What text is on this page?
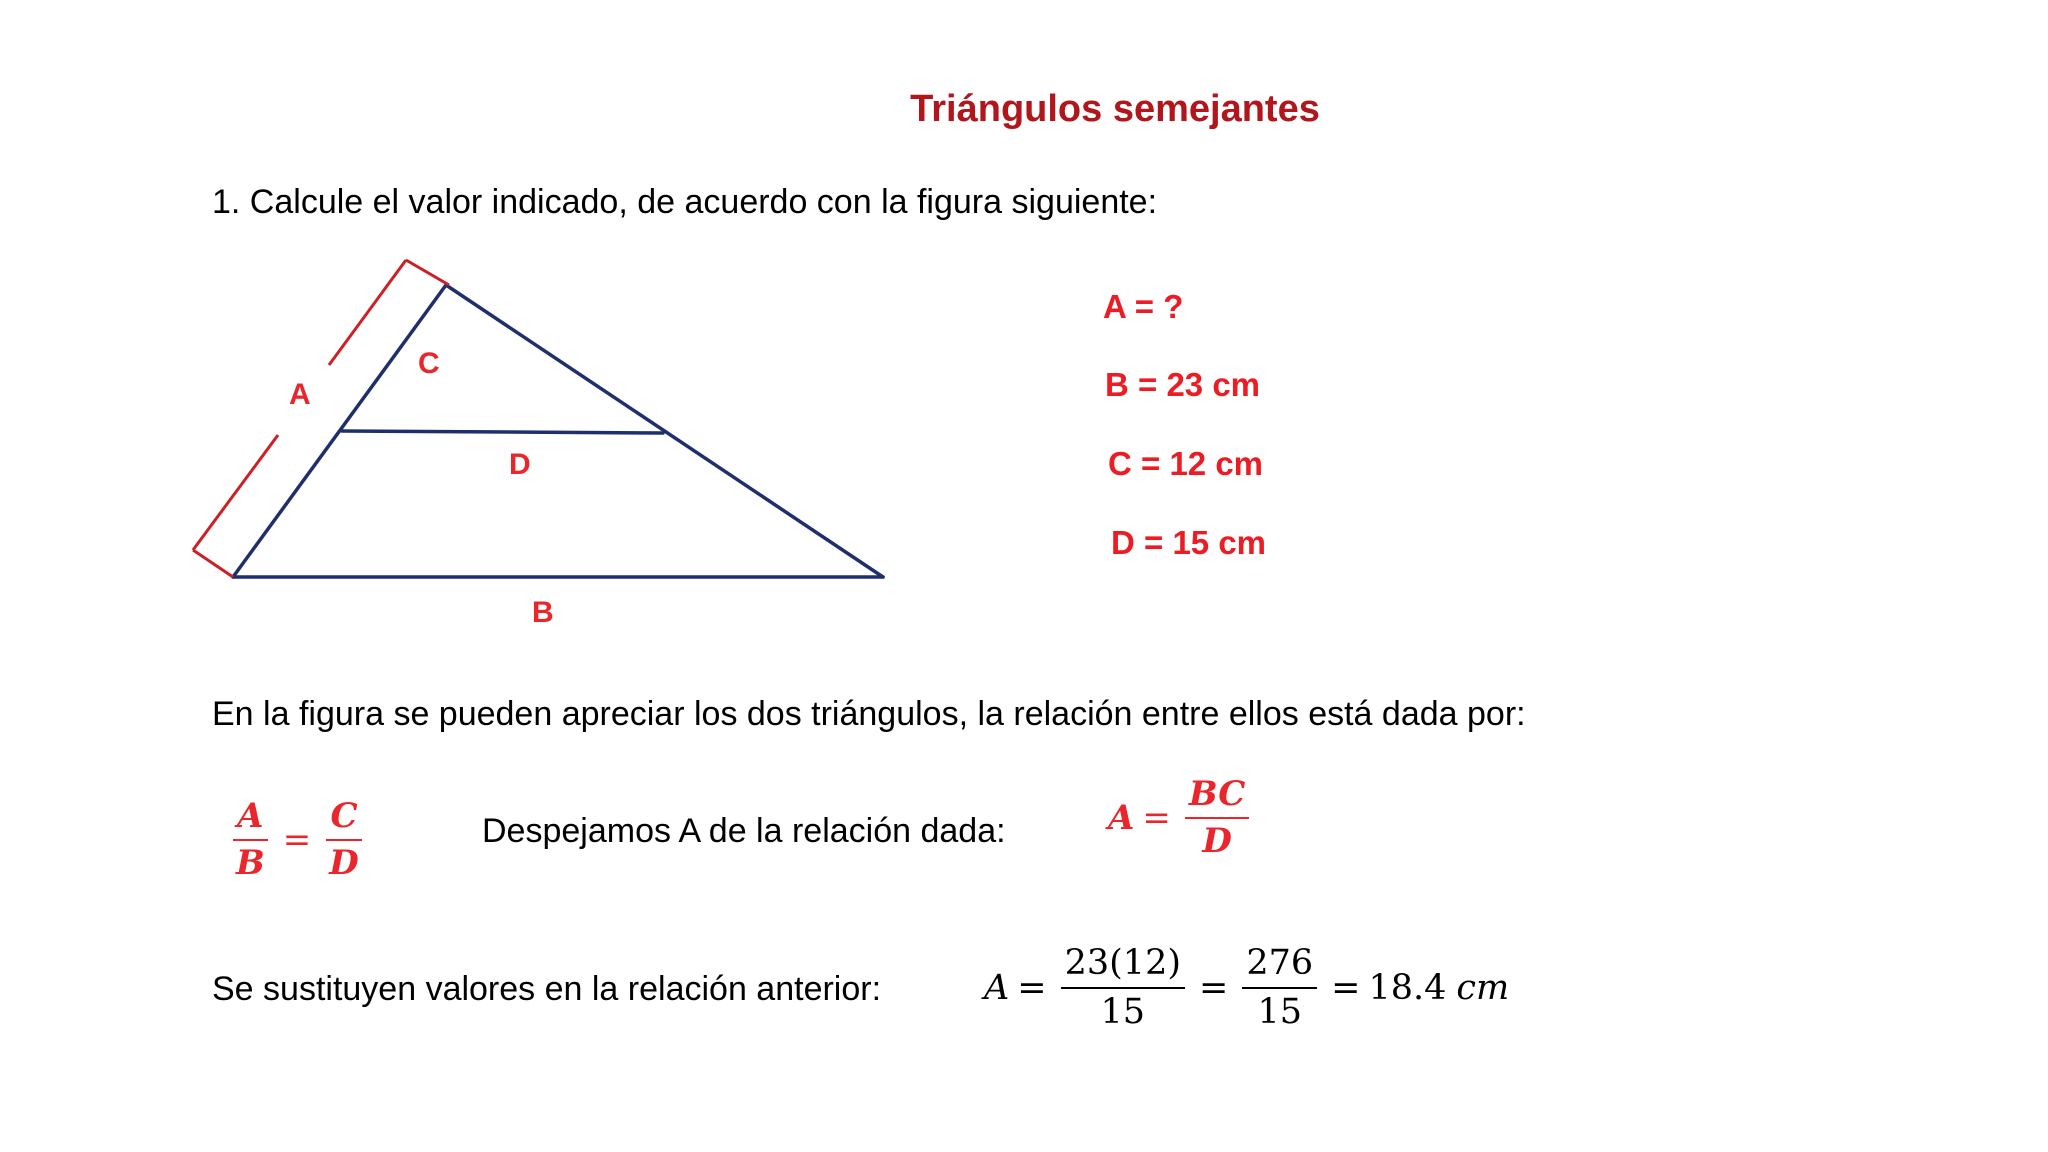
Triángulos semejantes
1. Calcule el valor indicado, de acuerdo con la figura siguiente:
A
C
D
B
A = ?
B = 23 cm
C = 12 cm
D = 15 cm
En la figura se pueden apreciar los dos triángulos, la relación entre ellos está dada por:
$\frac{A}{B} = \frac{C}{D}$	Despejamos A de la relación dada:	$A = \frac{BC}{D}$
Se sustituyen valores en la relación anterior:	$A = \frac{23(12)}{15} = \frac{276}{15} = 18.4$ cm
